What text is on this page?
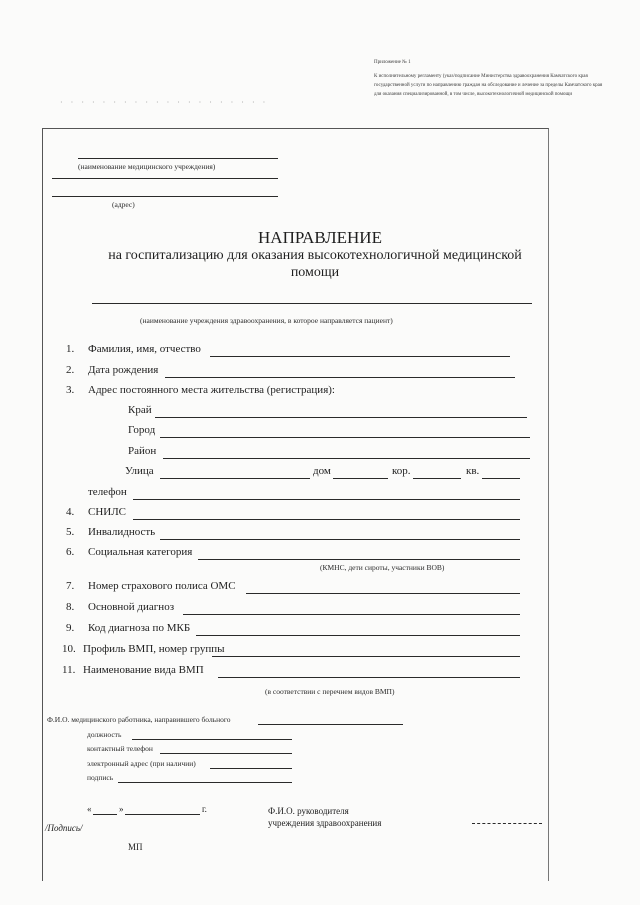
Приложение № 1
К исполнительному регламенту (указ/подписание Министерства здравоохранения Камчатского края государственной услуги по направлению граждан на обследование и лечение за пределы Камчатского края для оказания специализированной, в том числе, высокотехнологичной медицинской помощи
· · · · · · · · · · · · · · · · · · · ·
(наименование медицинского учреждения)
(адрес)
НАПРАВЛЕНИЕ
на госпитализацию для оказания высокотехнологичной медицинской помощи
(наименование учреждения здравоохранения, в которое направляется пациент)
1. Фамилия, имя, отчество
2. Дата рождения
3. Адрес постоянного места жительства (регистрация):
Край
Город
Район
Улица	дом	кор.	кв.
телефон
4. СНИЛС
5. Инвалидность
6. Социальная категория
(КМНС, дети сироты, участники ВОВ)
7. Номер страхового полиса ОМС
8. Основной диагноз
9. Код диагноза по МКБ
10. Профиль ВМП, номер группы
11. Наименование вида ВМП
(в соответствии с перечнем видов ВМП)
Ф.И.О. медицинского работника, направившего больного
должность
контактный телефон
электронный адрес (при наличии)
подпись
«	»	г.	Ф.И.О. руководителя
учреждения здравоохранения
/Подпись/
МП
